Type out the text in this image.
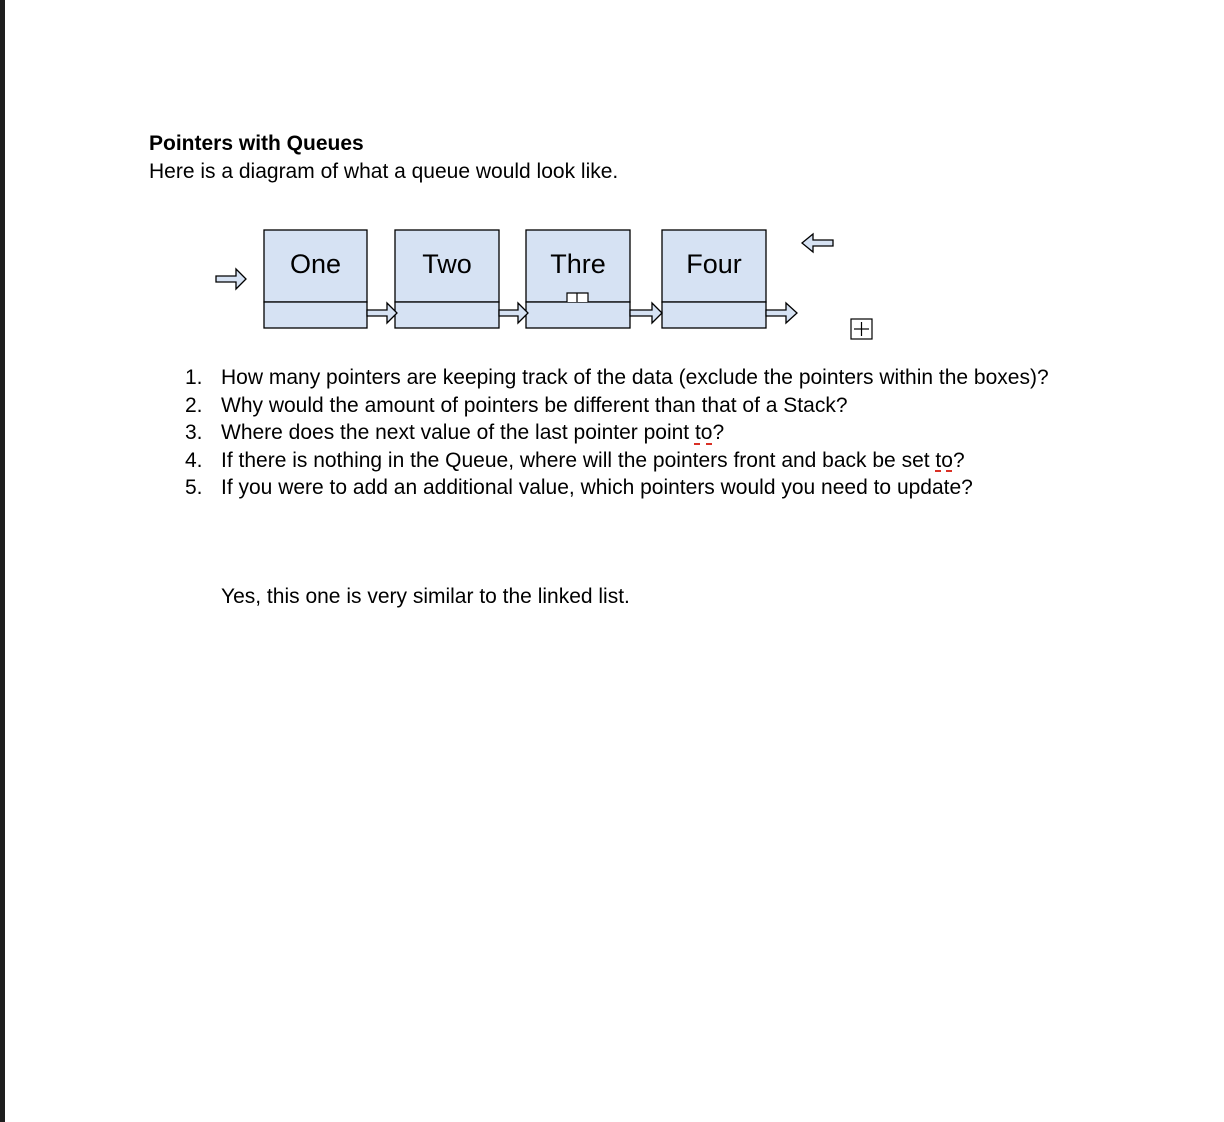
Pointers with Queues

Here is a diagram of what a queue would look like.

One	Two	Thre	Four
1. How many pointers are keeping track of the data (exclude the pointers within the boxes)?
2. Why would the amount of pointers be different than that of a Stack?
3. Where does the next value of the last pointer point to?
4. If there is nothing in the Queue, where will the pointers front and back be set to?
5. If you were to add an additional value, which pointers would you need to update?

Yes, this one is very similar to the linked list.
